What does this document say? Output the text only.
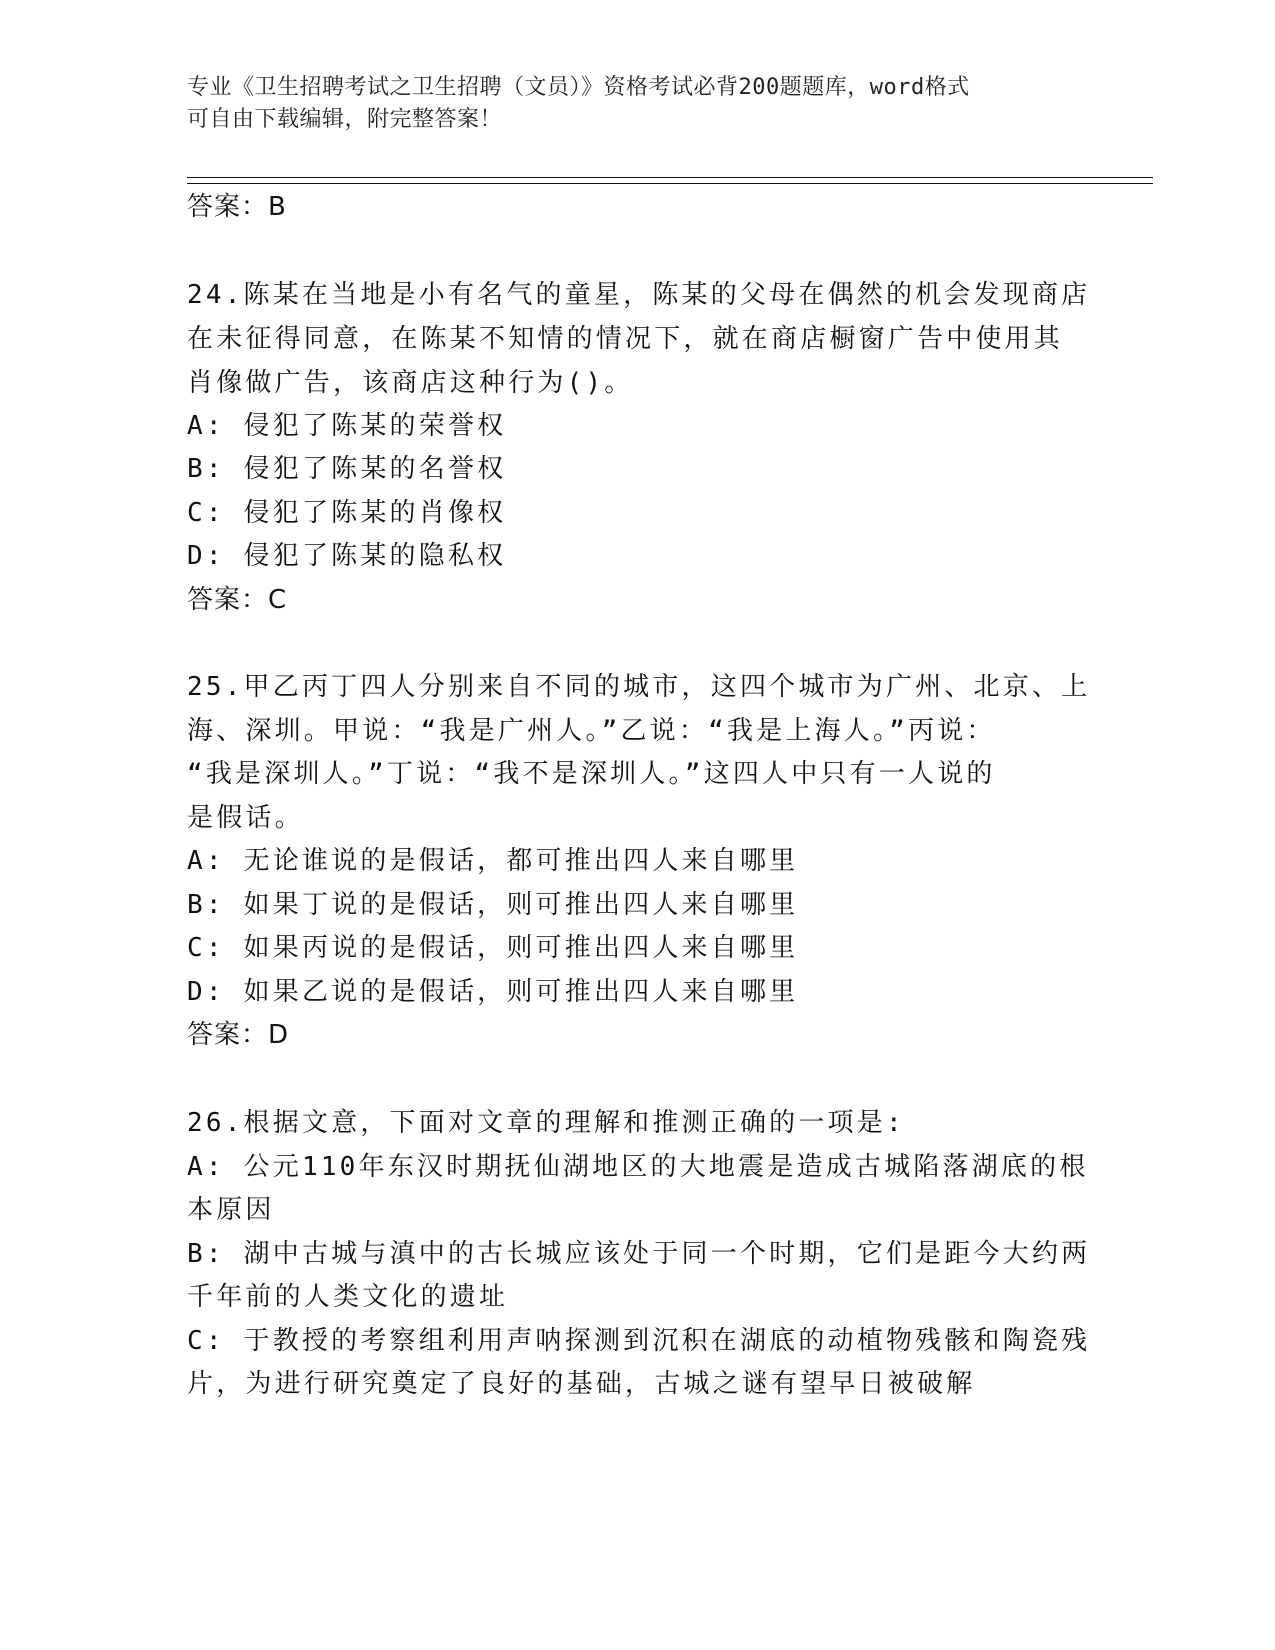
专业《卫生招聘考试之卫生招聘（文员）》资格考试必背200题题库，word格式
可自由下载编辑，附完整答案！
答案：B
24.陈某在当地是小有名气的童星，陈某的父母在偶然的机会发现商店
在未征得同意，在陈某不知情的情况下，就在商店橱窗广告中使用其
肖像做广告，该商店这种行为()。
A: 侵犯了陈某的荣誉权
B: 侵犯了陈某的名誉权
C: 侵犯了陈某的肖像权
D: 侵犯了陈某的隐私权
答案：C
25.甲乙丙丁四人分别来自不同的城市，这四个城市为广州、北京、上
海、深圳。甲说：“我是广州人。”乙说：“我是上海人。”丙说：
“我是深圳人。”丁说：“我不是深圳人。”这四人中只有一人说的
是假话。
A: 无论谁说的是假话，都可推出四人来自哪里
B: 如果丁说的是假话，则可推出四人来自哪里
C: 如果丙说的是假话，则可推出四人来自哪里
D: 如果乙说的是假话，则可推出四人来自哪里
答案：D
26.根据文意，下面对文章的理解和推测正确的一项是:
A: 公元110年东汉时期抚仙湖地区的大地震是造成古城陷落湖底的根
本原因
B: 湖中古城与滇中的古长城应该处于同一个时期，它们是距今大约两
千年前的人类文化的遗址
C: 于教授的考察组利用声呐探测到沉积在湖底的动植物残骸和陶瓷残
片，为进行研究奠定了良好的基础，古城之谜有望早日被破解
